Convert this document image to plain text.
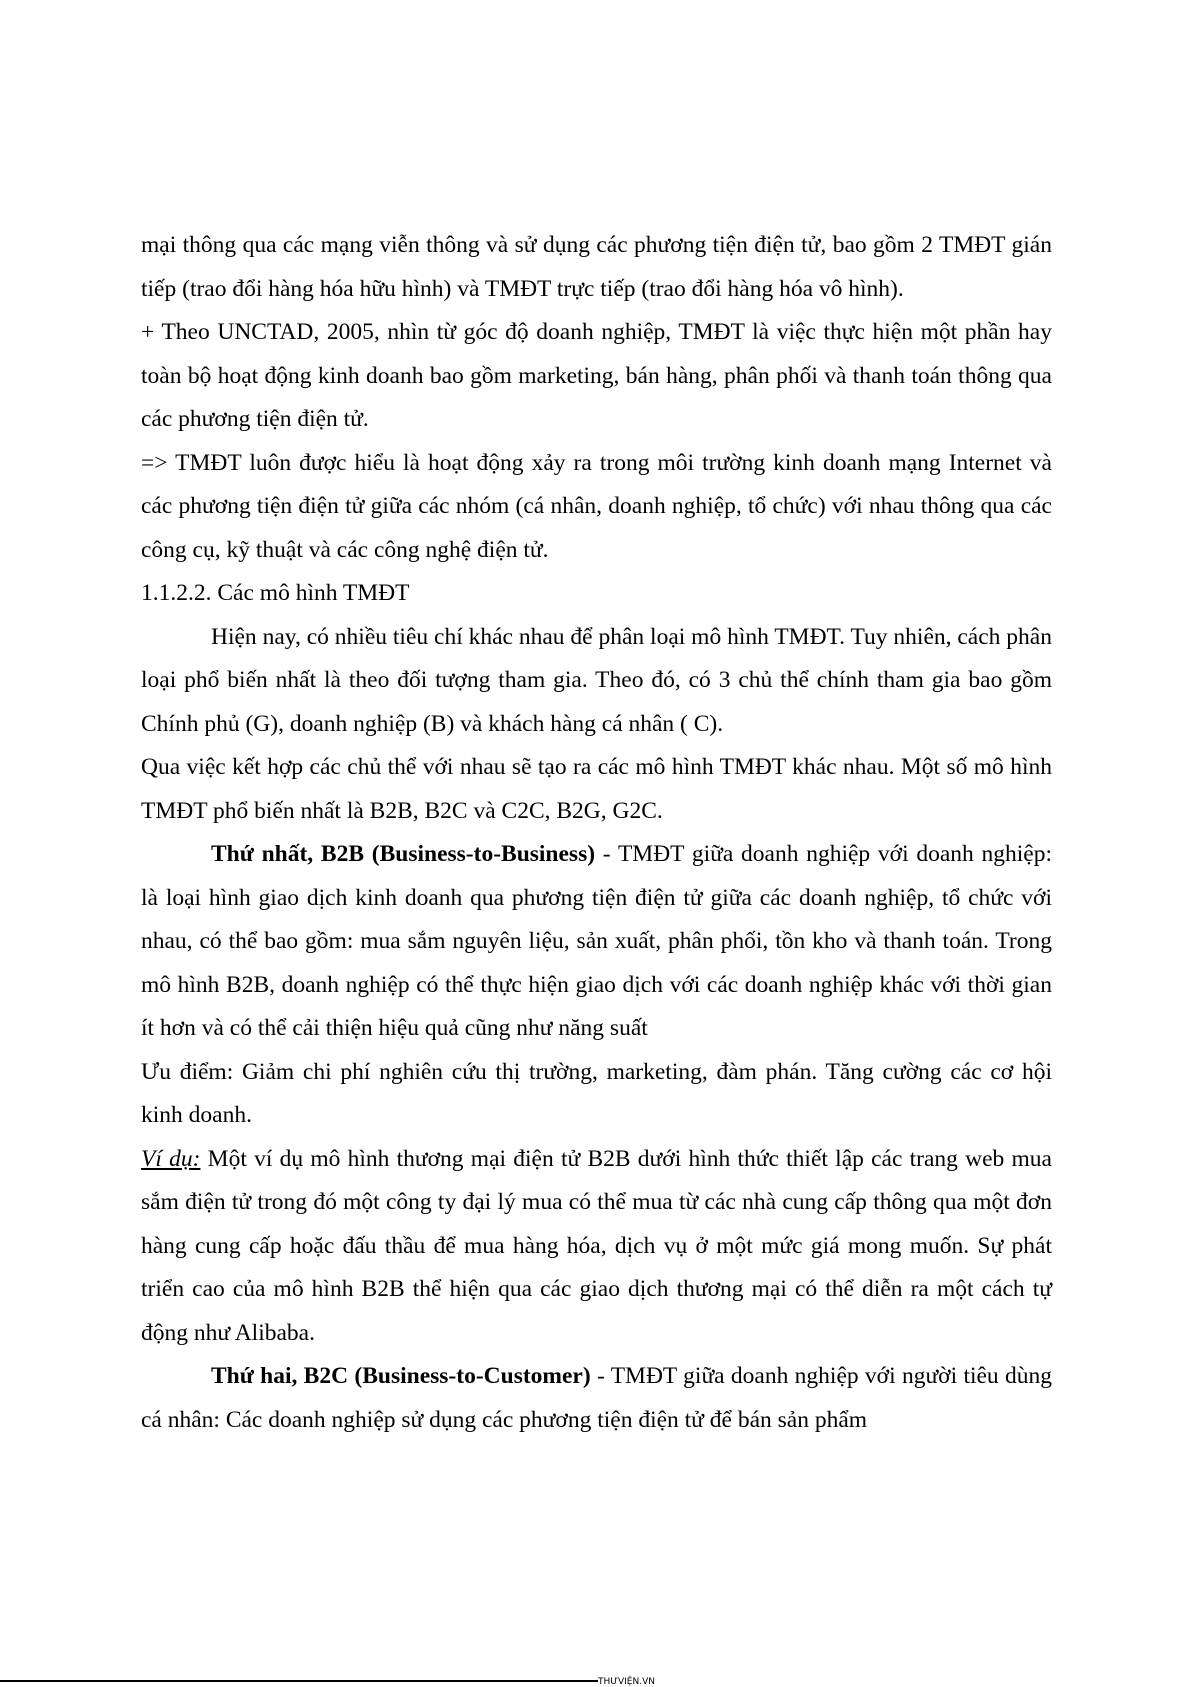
mại thông qua các mạng viễn thông và sử dụng các phương tiện điện tử, bao gồm 2 TMĐT gián tiếp (trao đổi hàng hóa hữu hình) và TMĐT trực tiếp (trao đổi hàng hóa vô hình).

+ Theo UNCTAD, 2005, nhìn từ góc độ doanh nghiệp, TMĐT là việc thực hiện một phần hay toàn bộ hoạt động kinh doanh bao gồm marketing, bán hàng, phân phối và thanh toán thông qua các phương tiện điện tử.

=> TMĐT luôn được hiểu là hoạt động xảy ra trong môi trường kinh doanh mạng Internet và các phương tiện điện tử giữa các nhóm (cá nhân, doanh nghiệp, tổ chức) với nhau thông qua các công cụ, kỹ thuật và các công nghệ điện tử.

1.1.2.2. Các mô hình TMĐT

Hiện nay, có nhiều tiêu chí khác nhau để phân loại mô hình TMĐT. Tuy nhiên, cách phân loại phổ biến nhất là theo đối tượng tham gia. Theo đó, có 3 chủ thể chính tham gia bao gồm Chính phủ (G), doanh nghiệp (B) và khách hàng cá nhân ( C).

Qua việc kết hợp các chủ thể với nhau sẽ tạo ra các mô hình TMĐT khác nhau. Một số mô hình TMĐT phổ biến nhất là B2B, B2C và C2C, B2G, G2C.

Thứ nhất, B2B (Business-to-Business) - TMĐT giữa doanh nghiệp với doanh nghiệp: là loại hình giao dịch kinh doanh qua phương tiện điện tử giữa các doanh nghiệp, tổ chức với nhau, có thể bao gồm: mua sắm nguyên liệu, sản xuất, phân phối, tồn kho và thanh toán. Trong mô hình B2B, doanh nghiệp có thể thực hiện giao dịch với các doanh nghiệp khác với thời gian ít hơn và có thể cải thiện hiệu quả cũng như năng suất

Ưu điểm: Giảm chi phí nghiên cứu thị trường, marketing, đàm phán. Tăng cường các cơ hội kinh doanh.

Ví dụ: Một ví dụ mô hình thương mại điện tử B2B dưới hình thức thiết lập các trang web mua sắm điện tử trong đó một công ty đại lý mua có thể mua từ các nhà cung cấp thông qua một đơn hàng cung cấp hoặc đấu thầu để mua hàng hóa, dịch vụ ở một mức giá mong muốn. Sự phát triển cao của mô hình B2B thể hiện qua các giao dịch thương mại có thể diễn ra một cách tự động như Alibaba.

Thứ hai, B2C (Business-to-Customer) - TMĐT giữa doanh nghiệp với người tiêu dùng cá nhân: Các doanh nghiệp sử dụng các phương tiện điện tử để bán sản phẩm

THƯVIỆN.VN
